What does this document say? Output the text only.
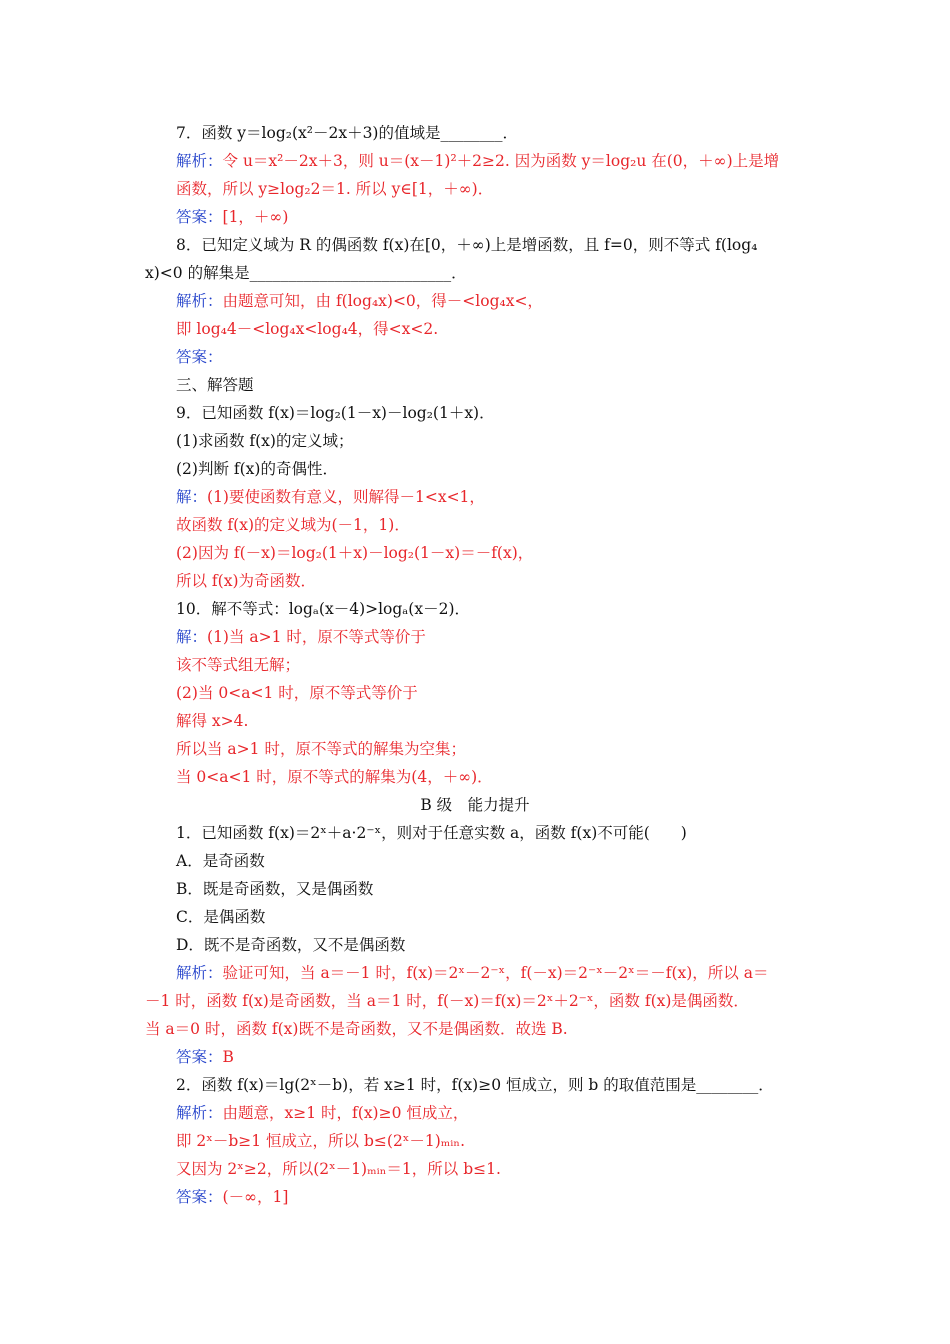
7．函数 y＝log₂(x²－2x＋3)的值域是________．
解析：令 u＝x²－2x＋3，则 u＝(x－1)²＋2≥2. 因为函数 y＝log₂u 在(0，＋∞)上是增
函数，所以 y≥log₂2＝1. 所以 y∈[1，＋∞)．
答案：[1，＋∞)
8．已知定义域为 R 的偶函数 f(x)在[0，＋∞)上是增函数，且 f=0，则不等式 f(log₄
x)<0 的解集是__________________________．
解析：由题意可知，由 f(log₄x)<0，得－<log₄x<，
即 log₄4－<log₄x<log₄4，得<x<2.
答案：
三、解答题
9．已知函数 f(x)＝log₂(1－x)－log₂(1＋x)．
(1)求函数 f(x)的定义域；
(2)判断 f(x)的奇偶性．
解：(1)要使函数有意义，则解得－1<x<1，
故函数 f(x)的定义域为(－1，1)．
(2)因为 f(－x)＝log₂(1＋x)－log₂(1－x)＝－f(x)，
所以 f(x)为奇函数．
10．解不等式：logₐ(x－4)>logₐ(x－2)．
解：(1)当 a>1 时，原不等式等价于
该不等式组无解；
(2)当 0<a<1 时，原不等式等价于
解得 x>4.
所以当 a>1 时，原不等式的解集为空集；
当 0<a<1 时，原不等式的解集为(4，＋∞)．
B 级　能力提升
1．已知函数 f(x)＝2ˣ＋a·2⁻ˣ，则对于任意实数 a，函数 f(x)不可能(　　)
A．是奇函数
B．既是奇函数，又是偶函数
C．是偶函数
D．既不是奇函数，又不是偶函数
解析：验证可知，当 a＝－1 时，f(x)＝2ˣ－2⁻ˣ，f(－x)＝2⁻ˣ－2ˣ＝－f(x)，所以 a＝
－1 时，函数 f(x)是奇函数，当 a＝1 时，f(－x)＝f(x)＝2ˣ＋2⁻ˣ，函数 f(x)是偶函数．
当 a＝0 时，函数 f(x)既不是奇函数，又不是偶函数．故选 B.
答案：B
2．函数 f(x)＝lg(2ˣ－b)，若 x≥1 时，f(x)≥0 恒成立，则 b 的取值范围是________．
解析：由题意，x≥1 时，f(x)≥0 恒成立，
即 2ˣ－b≥1 恒成立，所以 b≤(2ˣ－1)ₘᵢₙ.
又因为 2ˣ≥2，所以(2ˣ－1)ₘᵢₙ＝1，所以 b≤1.
答案：(－∞，1]
